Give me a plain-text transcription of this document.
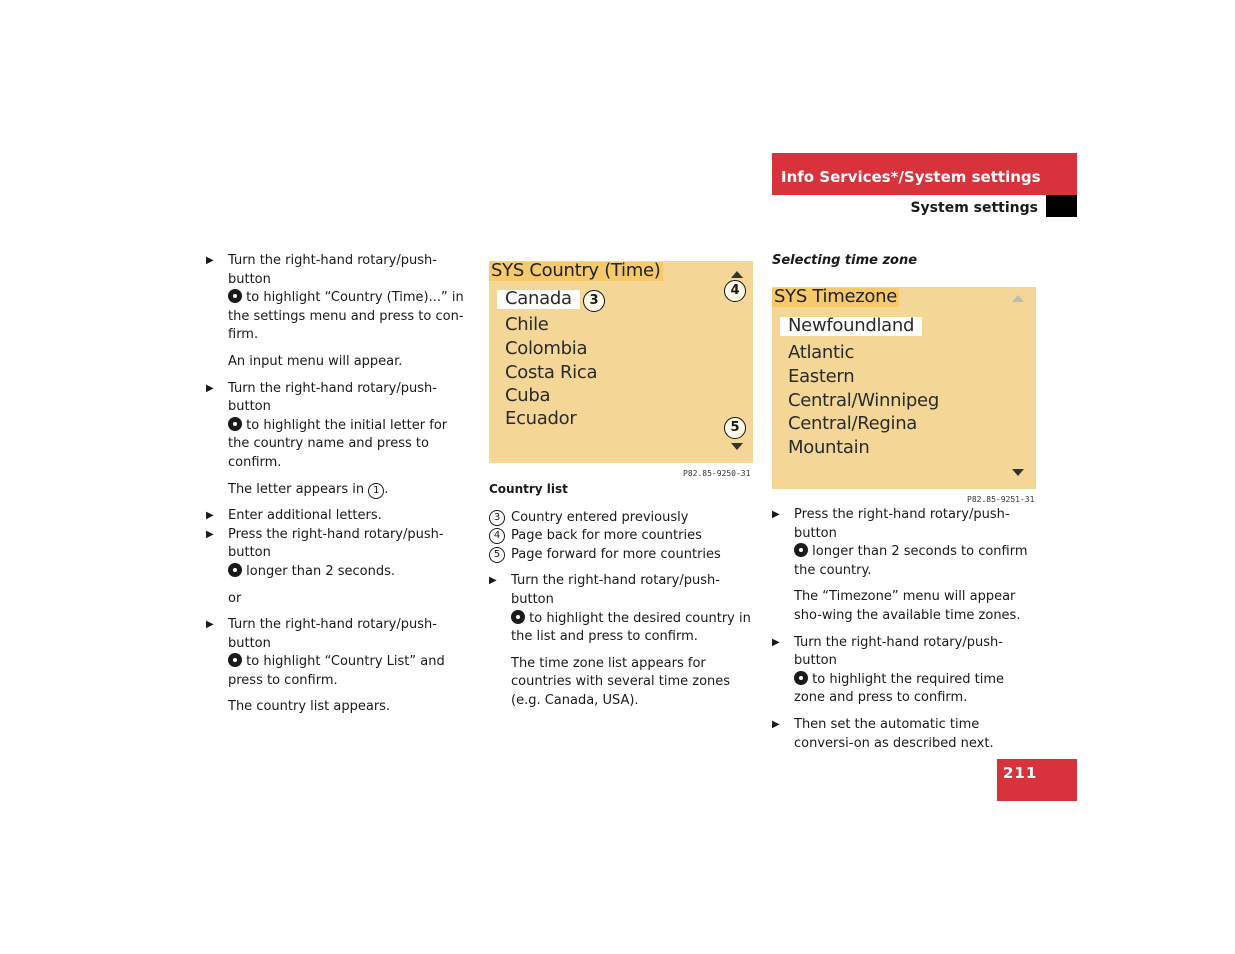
Info Services*/System settings
System settings

▶ Turn the right-hand rotary/push-button
to highlight “Country (Time)...” in the settings menu and press to con-firm.

An input menu will appear.

▶ Turn the right-hand rotary/push-button
to highlight the initial letter for the country name and press to confirm.

The letter appears in 1 .

▶ Enter additional letters.

▶ Press the right-hand rotary/push-button
longer than 2 seconds.

or

▶ Turn the right-hand rotary/push-button
to highlight “Country List” and press to confirm.

The country list appears.

SYS Country (Time)
Canada
Chile
Colombia
Costa Rica
Cuba
Ecuador
3
4
5
P82.85-9250-31

Country list

3 Country entered previously

4 Page back for more countries

5 Page forward for more countries

▶ Turn the right-hand rotary/push-button
to highlight the desired country in the list and press to confirm.

The time zone list appears for countries with several time zones (e.g. Canada, USA).

Selecting time zone

SYS Timezone
Newfoundland
Atlantic
Eastern
Central/Winnipeg
Central/Regina
Mountain
P82.85-9251-31

▶ Press the right-hand rotary/push-button
longer than 2 seconds to confirm the country.

The “Timezone” menu will appear sho-wing the available time zones.

▶ Turn the right-hand rotary/push-button
to highlight the required time zone and press to confirm.

▶ Then set the automatic time conversi-on as described next.

211
